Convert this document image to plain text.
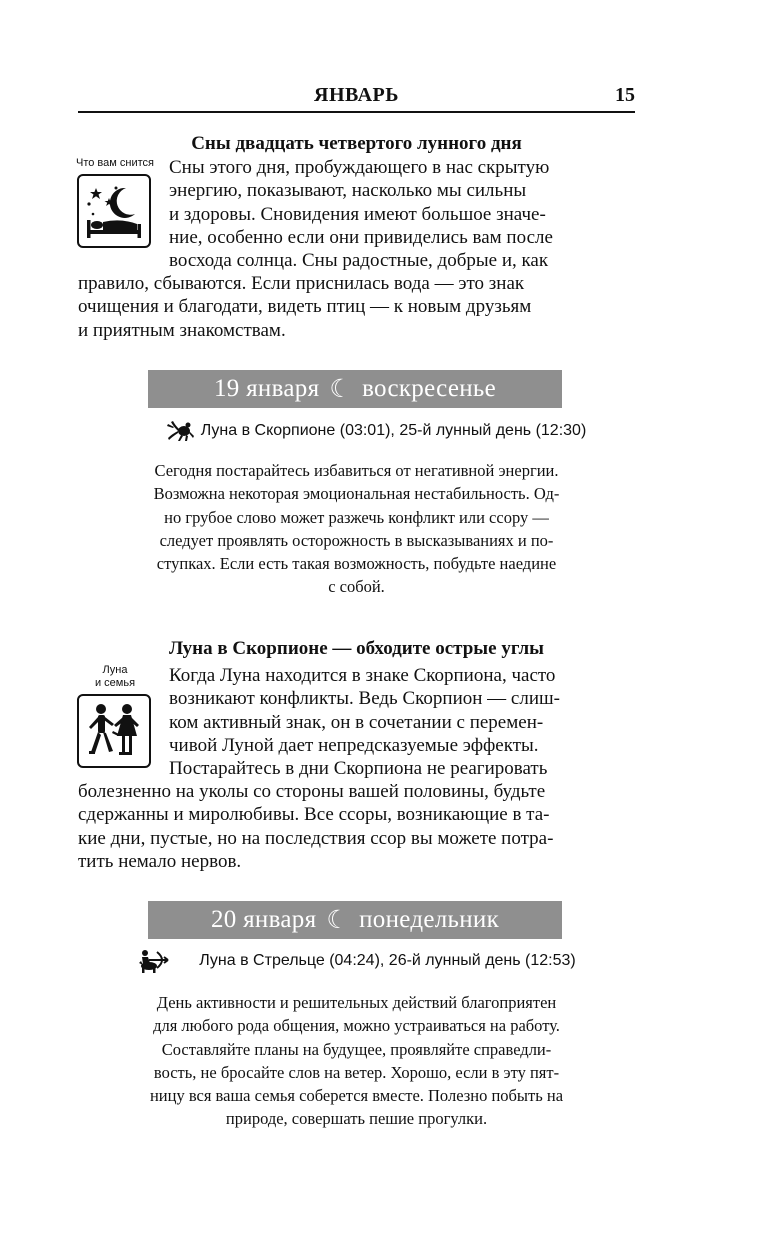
ЯНВАРЬ	15
Сны двадцать четвертого лунного дня
Что вам снится Сны этого дня, пробуждающего в нас скрытую

энергию, показывают, насколько мы сильны

и здоровы. Сновидения имеют большое значе-

ние, особенно если они привиделись вам после

восхода солнца. Сны радостные, добрые и, как

правило, сбываются. Если приснилась вода — это знак

очищения и благодати, видеть птиц — к новым друзьям

и приятным знакомствам.

19 января ☾ воскресенье
Луна в Скорпионе (03:01), 25-й лунный день (12:30)

Сегодня постарайтесь избавиться от негативной энергии.

Возможна некоторая эмоциональная нестабильность. Од-

но грубое слово может разжечь конфликт или ссору —

следует проявлять осторожность в высказываниях и по-

ступках. Если есть такая возможность, побудьте наедине

с собой.

Луна в Скорпионе — обходите острые углы
Луна
и семья	Когда Луна находится в знаке Скорпиона, часто

возникают конфликты. Ведь Скорпион — слиш-

ком активный знак, он в сочетании с перемен-

чивой Луной дает непредсказуемые эффекты.

Постарайтесь в дни Скорпиона не реагировать

болезненно на уколы со стороны вашей половины, будьте

сдержанны и миролюбивы. Все ссоры, возникающие в та-

кие дни, пустые, но на последствия ссор вы можете потра-

тить немало нервов.

20 января ☾ понедельник
Луна в Стрельце (04:24), 26-й лунный день (12:53)

День активности и решительных действий благоприятен

для любого рода общения, можно устраиваться на работу.

Составляйте планы на будущее, проявляйте справедли-

вость, не бросайте слов на ветер. Хорошо, если в эту пят-

ницу вся ваша семья соберется вместе. Полезно побыть на

природе, совершать пешие прогулки.
